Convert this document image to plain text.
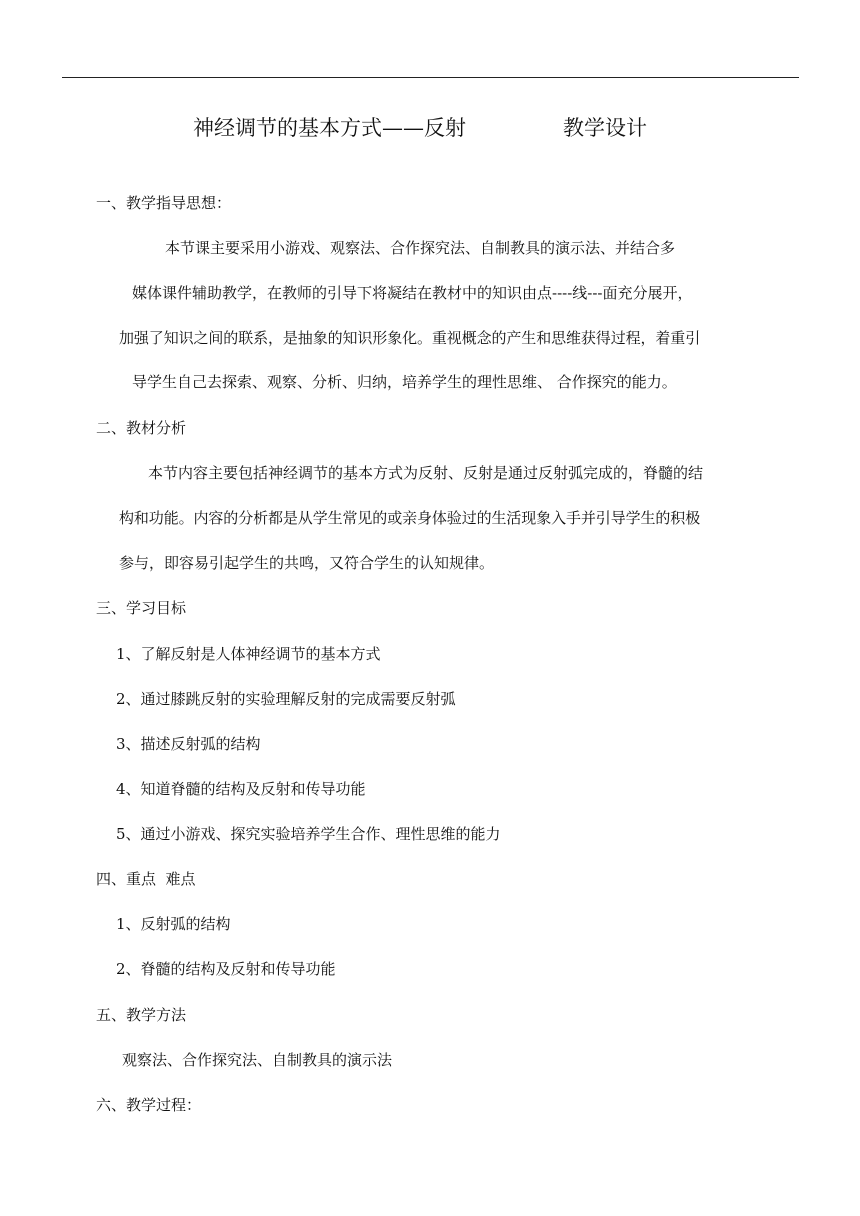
神经调节的基本方式——反射	教学设计
一、教学指导思想：
本节课主要采用小游戏、观察法、合作探究法、自制教具的演示法、并结合多
媒体课件辅助教学，在教师的引导下将凝结在教材中的知识由点----线---面充分展开，
加强了知识之间的联系，是抽象的知识形象化。重视概念的产生和思维获得过程，着重引
导学生自己去探索、观察、分析、归纳，培养学生的理性思维、 合作探究的能力。
二、教材分析
本节内容主要包括神经调节的基本方式为反射、反射是通过反射弧完成的，脊髓的结
构和功能。内容的分析都是从学生常见的或亲身体验过的生活现象入手并引导学生的积极
参与，即容易引起学生的共鸣，又符合学生的认知规律。
三、学习目标
1、了解反射是人体神经调节的基本方式
2、通过膝跳反射的实验理解反射的完成需要反射弧
3、描述反射弧的结构
4、知道脊髓的结构及反射和传导功能
5、通过小游戏、探究实验培养学生合作、理性思维的能力
四、重点  难点
1、反射弧的结构
2、脊髓的结构及反射和传导功能
五、教学方法
观察法、合作探究法、自制教具的演示法
六、教学过程：
